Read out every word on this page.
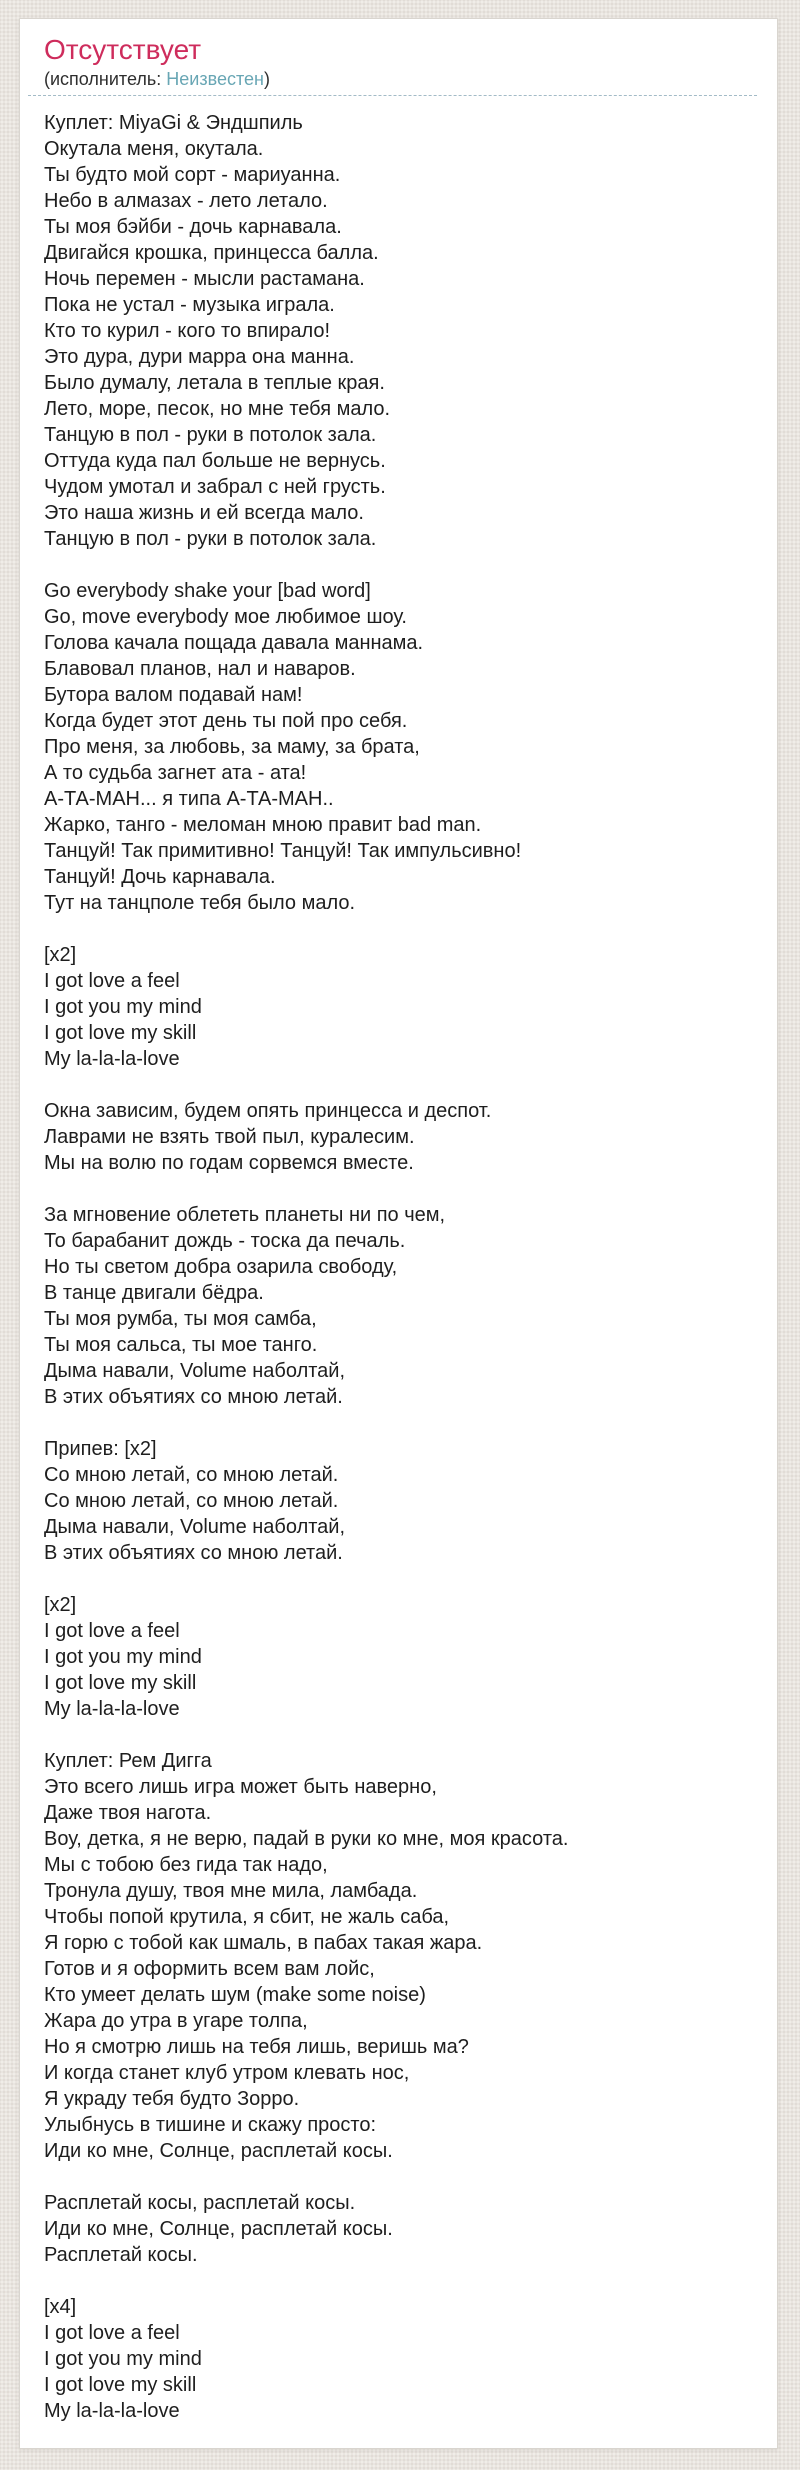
Отсутствует
(исполнитель: Неизвестен)
Куплет: MiyaGi & Эндшпиль
Окутала меня, окутала.
Ты будто мой сорт - мариуанна.
Небо в алмазах - лето летало.
Ты моя бэйби - дочь карнавала.
Двигайся крошка, принцесса балла.
Ночь перемен - мысли растамана.
Пока не устал - музыка играла.
Кто то курил - кого то впирало!
Это дура, дури марра она манна.
Было думалу, летала в теплые края.
Лето, море, песок, но мне тебя мало.
Танцую в пол - руки в потолок зала.
Оттуда куда пал больше не вернусь.
Чудом умотал и забрал с ней грусть.
Это наша жизнь и ей всегда мало.
Танцую в пол - руки в потолок зала.
Go everybody shake your [bad word]
Go, move everybody мое любимое шоу.
Голова качала пощада давала маннама.
Блавовал планов, нал и наваров.
Бутора валом подавай нам!
Когда будет этот день ты пой про себя.
Про меня, за любовь, за маму, за брата,
А то судьба загнет ата - ата!
А-ТА-МАН... я типа А-ТА-МАН..
Жарко, танго - меломан мною правит bad man.
Танцуй! Так примитивно! Танцуй! Так импульсивно!
Танцуй! Дочь карнавала.
Тут на танцполе тебя было мало.
[x2]
I got love a feel
I got you my mind
I got love my skill
My la-la-la-love
Окна зависим, будем опять принцесса и деспот.
Лаврами не взять твой пыл, куралесим.
Мы на волю по годам сорвемся вместе.
За мгновение облететь планеты ни по чем,
То барабанит дождь - тоска да печаль.
Но ты светом добра озарила свободу,
В танце двигали бёдра.
Ты моя румба, ты моя самба,
Ты моя сальса, ты мое танго.
Дыма навали, Volume наболтай,
В этих объятиях со мною летай.
Припев: [x2]
Со мною летай, со мною летай.
Со мною летай, со мною летай.
Дыма навали, Volume наболтай,
В этих объятиях со мною летай.
[x2]
I got love a feel
I got you my mind
I got love my skill
My la-la-la-love
Куплет: Рем Дигга
Это всего лишь игра может быть наверно,
Даже твоя нагота.
Воу, детка, я не верю, падай в руки ко мне, моя красота.
Мы с тобою без гида так надо,
Тронула душу, твоя мне мила, ламбада.
Чтобы попой крутила, я сбит, не жаль саба,
Я горю с тобой как шмаль, в пабах такая жара.
Готов и я оформить всем вам лойс,
Кто умеет делать шум (make some noise)
Жара до утра в угаре толпа,
Но я смотрю лишь на тебя лишь, веришь ма?
И когда станет клуб утром клевать нос,
Я украду тебя будто Зорро.
Улыбнусь в тишине и скажу просто:
Иди ко мне, Солнце, расплетай косы.
Расплетай косы, расплетай косы.
Иди ко мне, Солнце, расплетай косы.
Расплетай косы.
[x4]
I got love a feel
I got you my mind
I got love my skill
My la-la-la-love
